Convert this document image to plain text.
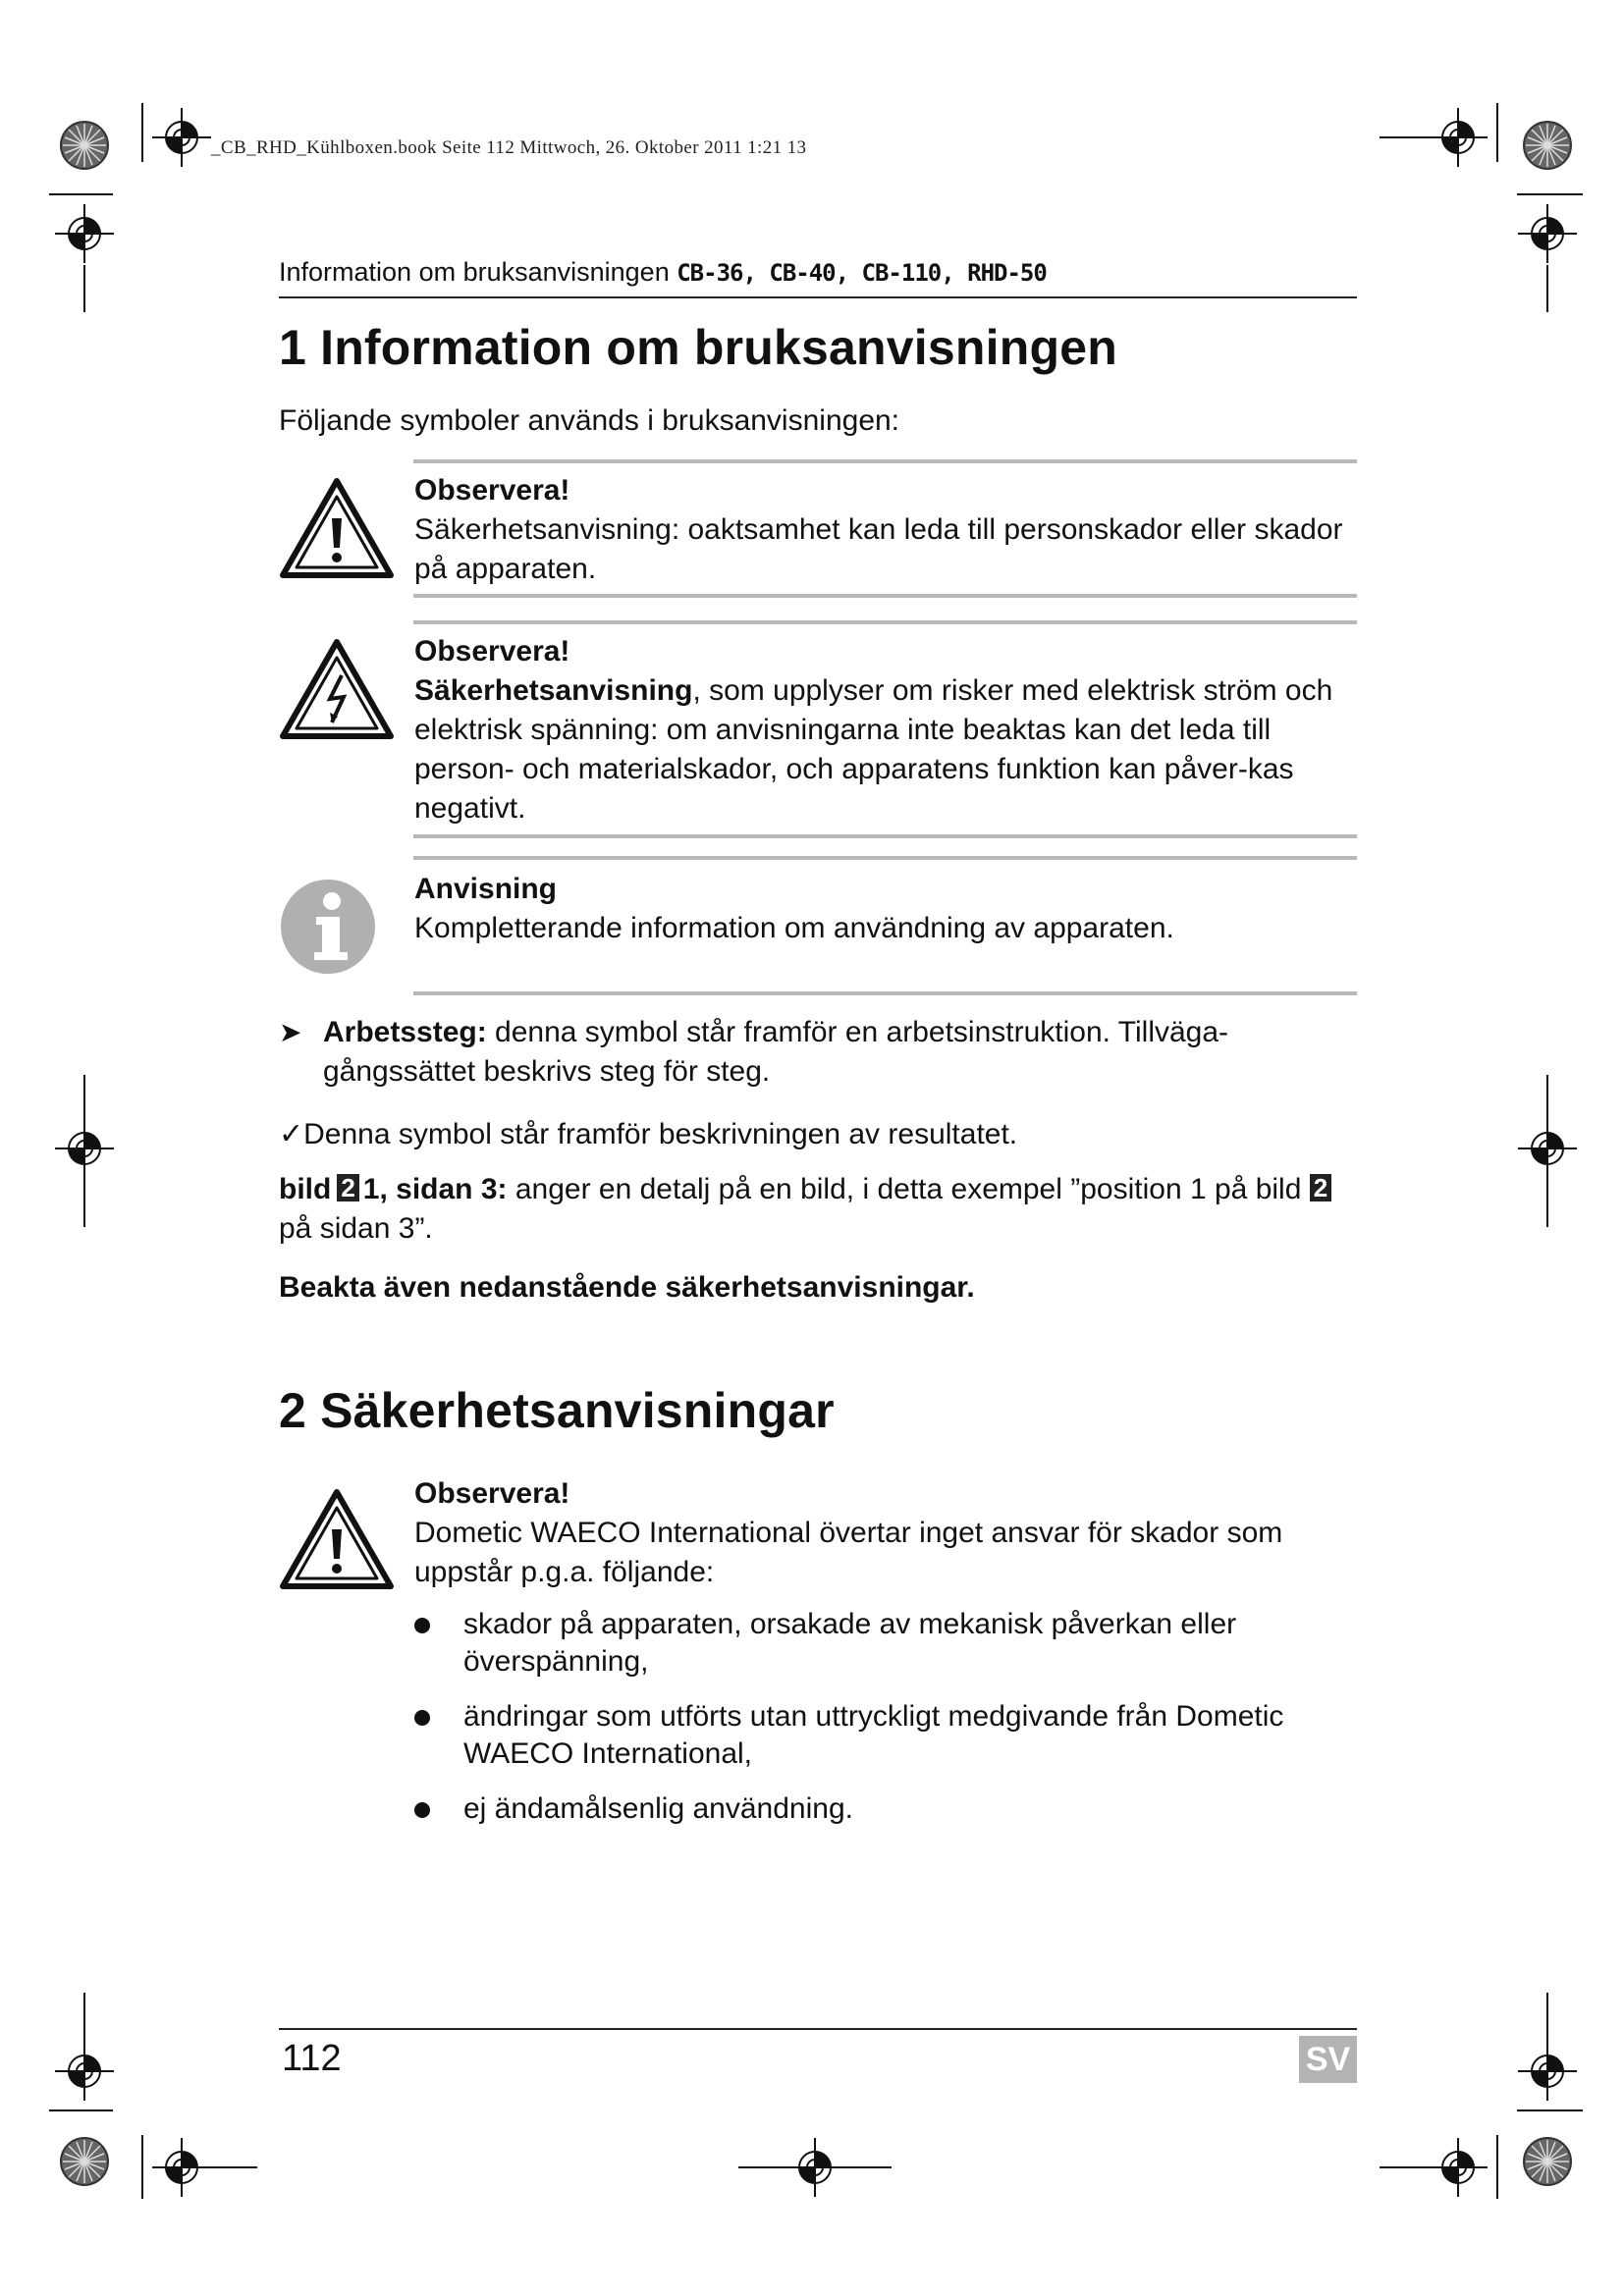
_CB_RHD_Kühlboxen.book Seite 112 Mittwoch, 26. Oktober 2011 1:21 13
Information om bruksanvisningen CB-36, CB-40, CB-110, RHD-50
1 Information om bruksanvisningen
Följande symboler används i bruksanvisningen:
Observera!
Säkerhetsanvisning: oaktsamhet kan leda till personskador eller skador på apparaten.
Observera!
Säkerhetsanvisning, som upplyser om risker med elektrisk ström och elektrisk spänning: om anvisningarna inte beaktas kan det leda till person- och materialskador, och apparatens funktion kan påver-kas negativt.
Anvisning
Kompletterande information om användning av apparaten.
➤ Arbetssteg: denna symbol står framför en arbetsinstruktion. Tillväga-gångssättet beskrivs steg för steg.
✓Denna symbol står framför beskrivningen av resultatet.
bild 2 1, sidan 3: anger en detalj på en bild, i detta exempel ”position 1 på bild 2på sidan 3”.
Beakta även nedanstående säkerhetsanvisningar.
2 Säkerhetsanvisningar
Observera!
Dometic WAECO International övertar inget ansvar för skador som uppstår p.g.a. följande:
skador på apparaten, orsakade av mekanisk påverkan eller överspänning,
ändringar som utförts utan uttryckligt medgivande från Dometic WAECO International,
ej ändamålsenlig användning.
112	SV
